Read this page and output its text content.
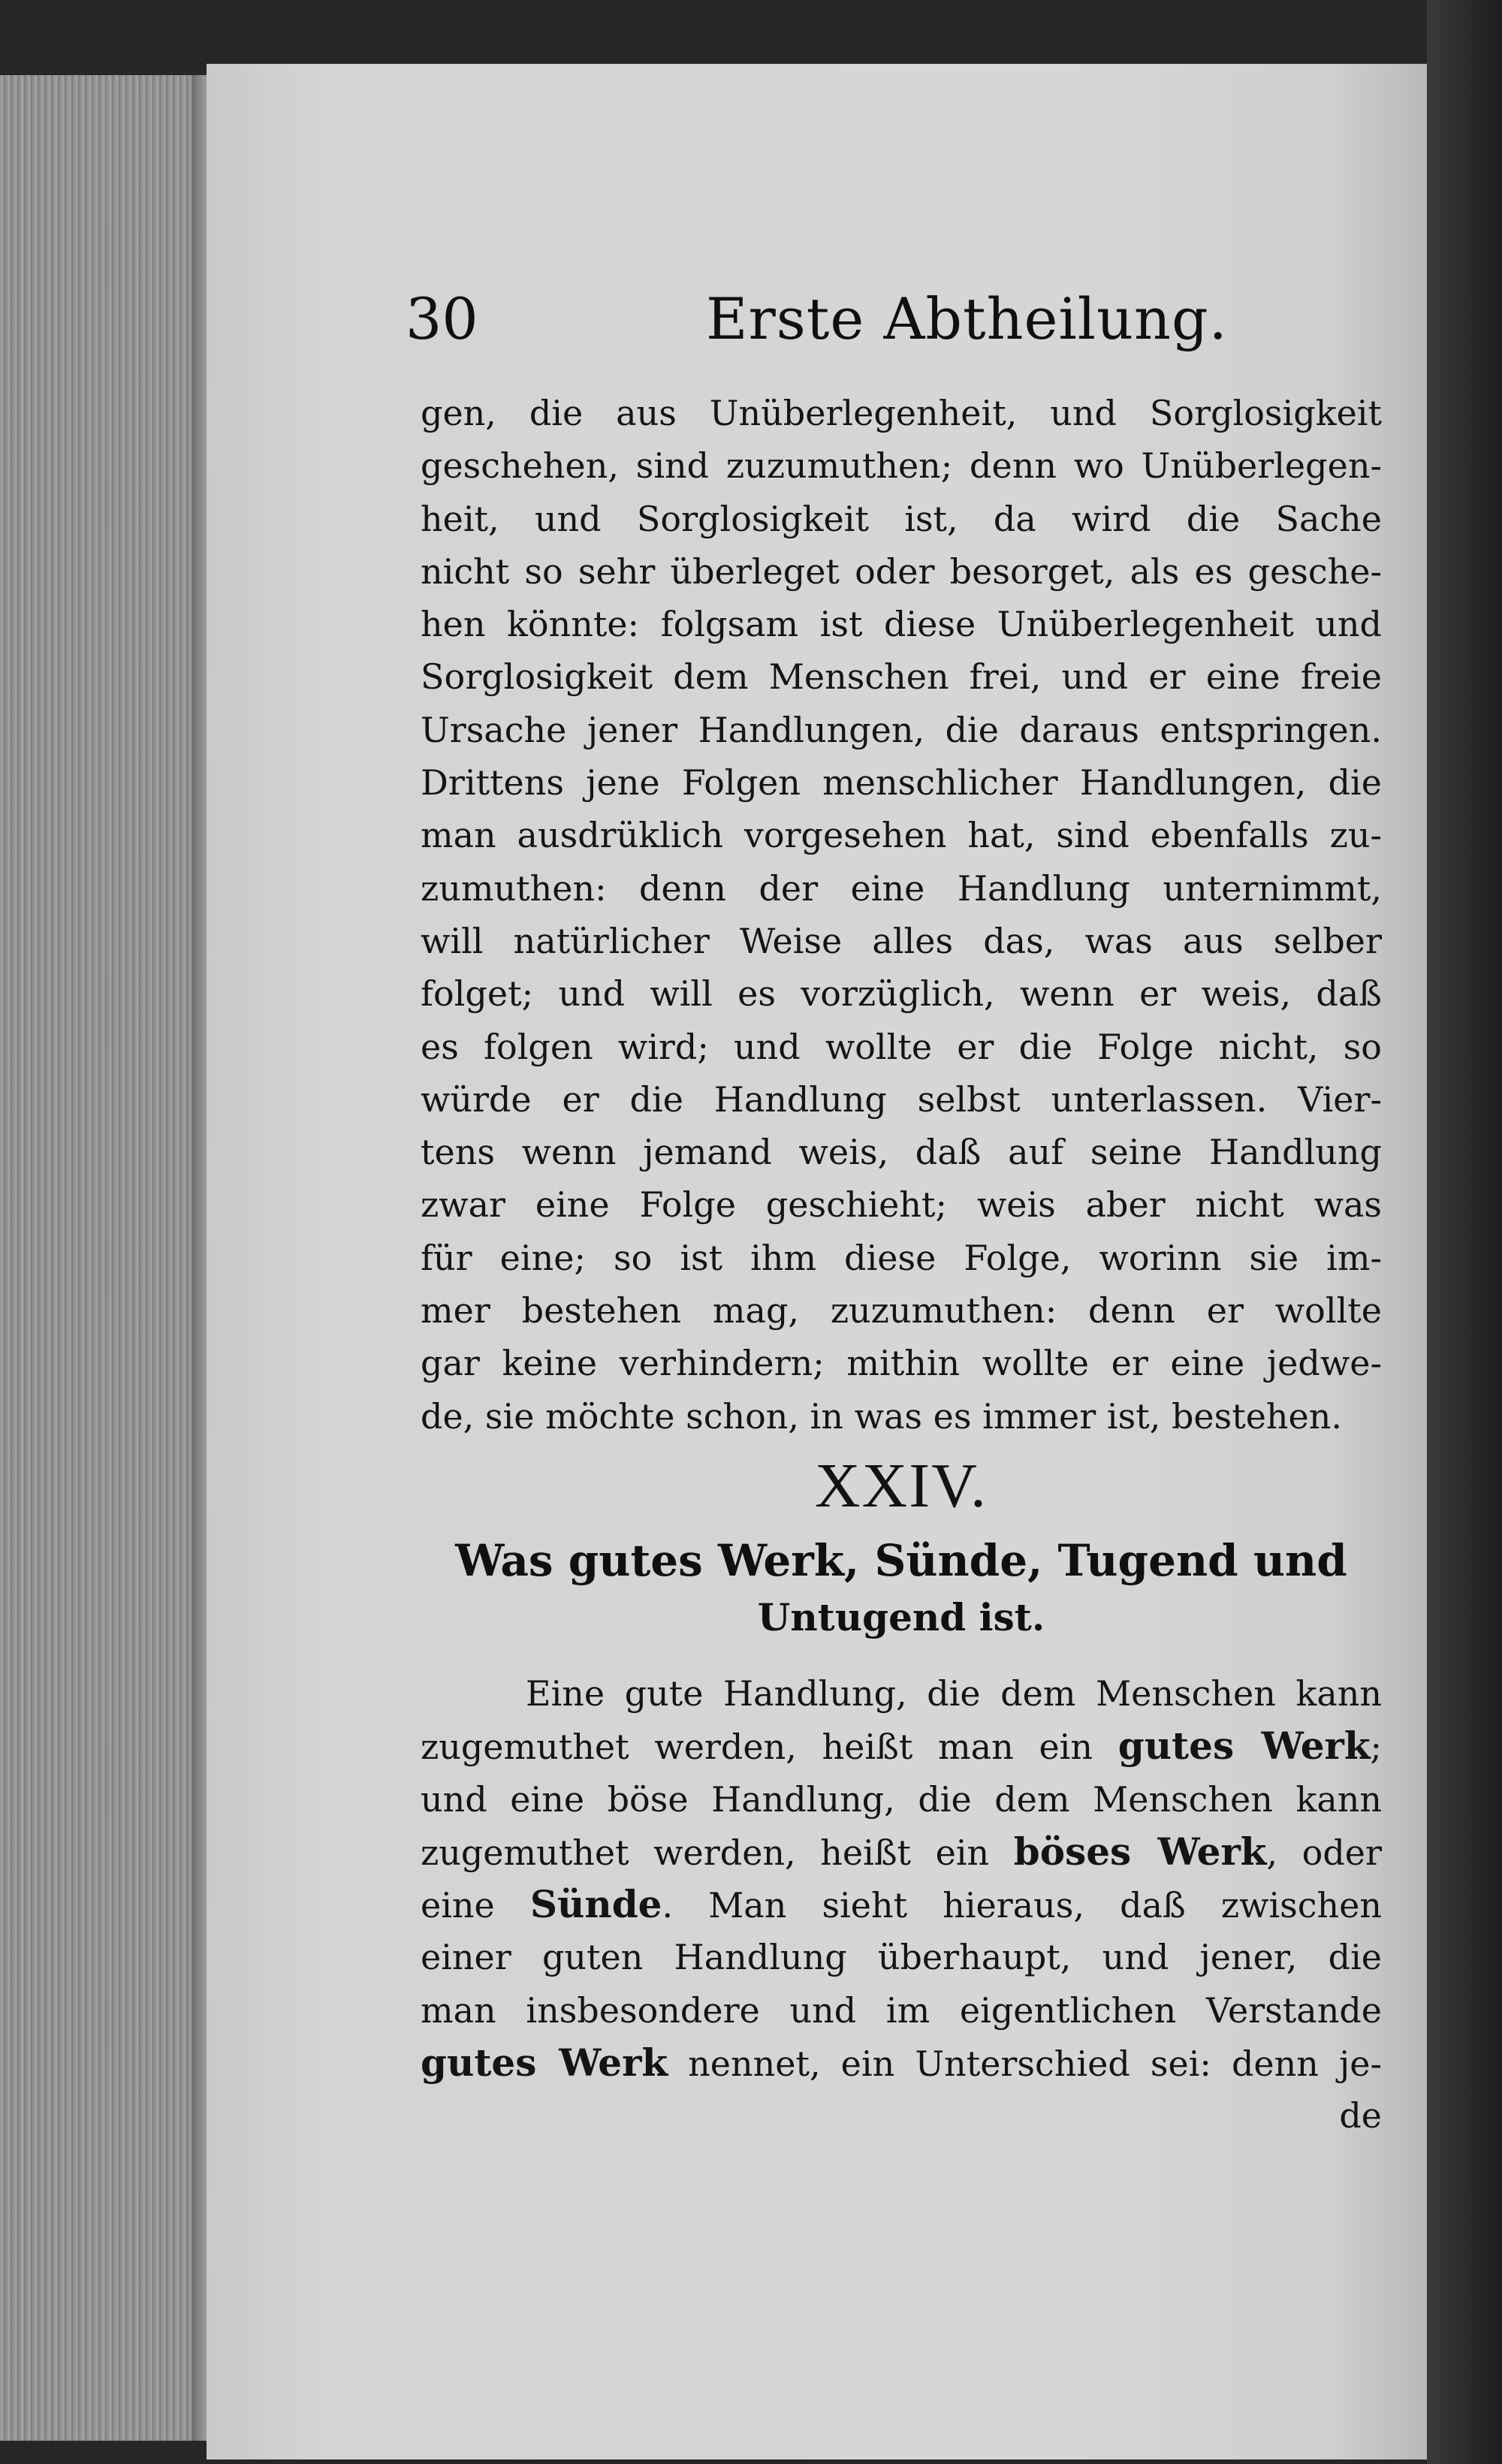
30	Erste Abtheilung.
gen, die aus Unüberlegenheit, und Sorglosigkeit
geschehen, sind zuzumuthen; denn wo Unüberlegen-
heit, und Sorglosigkeit ist, da wird die Sache
nicht so sehr überleget oder besorget, als es gesche-
hen könnte: folgsam ist diese Unüberlegenheit und
Sorglosigkeit dem Menschen frei, und er eine freie
Ursache jener Handlungen, die daraus entspringen.
Drittens jene Folgen menschlicher Handlungen, die
man ausdrüklich vorgesehen hat, sind ebenfalls zu-
zumuthen: denn der eine Handlung unternimmt,
will natürlicher Weise alles das, was aus selber
folget; und will es vorzüglich, wenn er weis, daß
es folgen wird; und wollte er die Folge nicht, so
würde er die Handlung selbst unterlassen. Vier-
tens wenn jemand weis, daß auf seine Handlung
zwar eine Folge geschieht; weis aber nicht was
für eine; so ist ihm diese Folge, worinn sie im-
mer bestehen mag, zuzumuthen: denn er wollte
gar keine verhindern; mithin wollte er eine jedwe-
de, sie möchte schon, in was es immer ist, bestehen.
XXIV.
Was gutes Werk, Sünde, Tugend und
Untugend ist.
Eine gute Handlung, die dem Menschen kann
zugemuthet werden, heißt man ein gutes Werk;
und eine böse Handlung, die dem Menschen kann
zugemuthet werden, heißt ein böses Werk, oder
eine Sünde. Man sieht hieraus, daß zwischen
einer guten Handlung überhaupt, und jener, die
man insbesondere und im eigentlichen Verstande
gutes Werk nennet, ein Unterschied sei: denn je-
de
